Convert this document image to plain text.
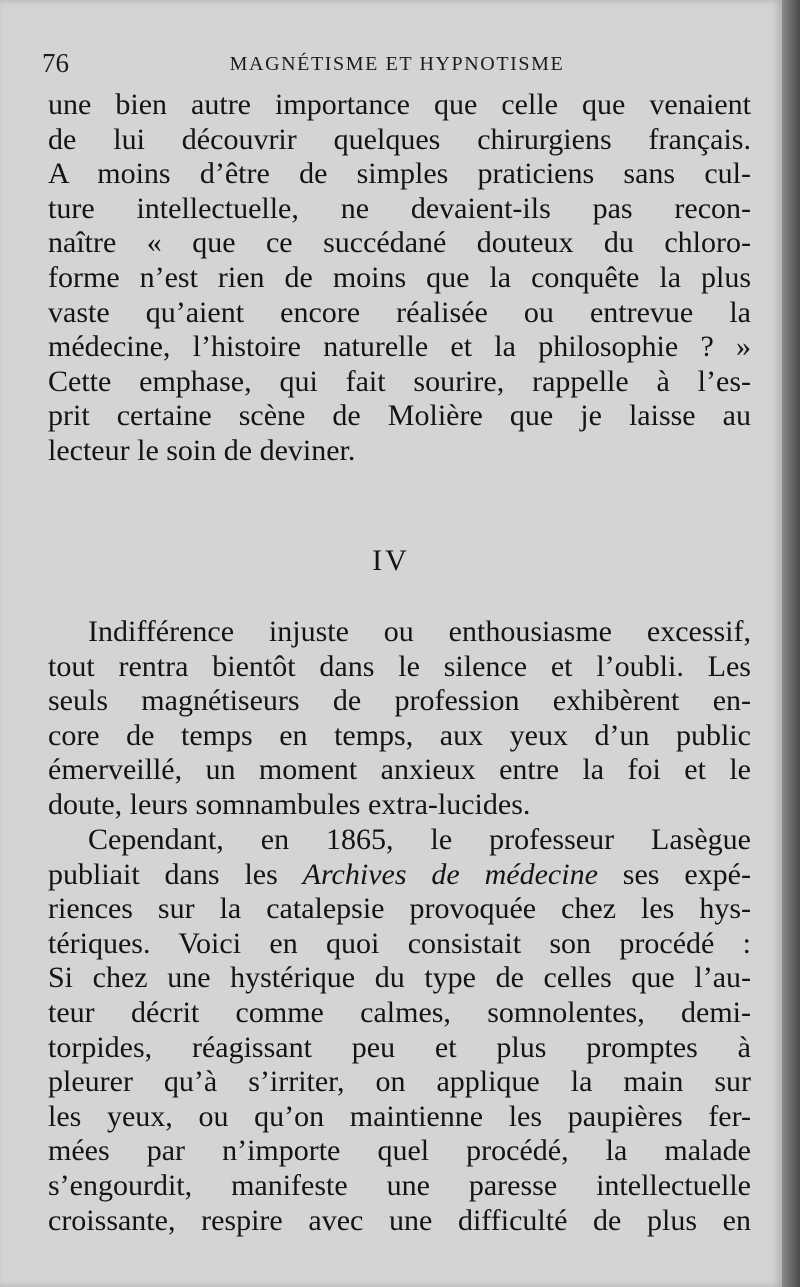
76	MAGNÉTISME ET HYPNOTISME
une bien autre importance que celle que venaient
de lui découvrir quelques chirurgiens français.
A moins d’être de simples praticiens sans cul-
ture intellectuelle, ne devaient-ils pas recon-
naître « que ce succédané douteux du chloro-
forme n’est rien de moins que la conquête la plus
vaste qu’aient encore réalisée ou entrevue la
médecine, l’histoire naturelle et la philosophie ? »
Cette emphase, qui fait sourire, rappelle à l’es-
prit certaine scène de Molière que je laisse au
lecteur le soin de deviner.
IV
Indifférence injuste ou enthousiasme excessif,
tout rentra bientôt dans le silence et l’oubli. Les
seuls magnétiseurs de profession exhibèrent en-
core de temps en temps, aux yeux d’un public
émerveillé, un moment anxieux entre la foi et le
doute, leurs somnambules extra-lucides.
Cependant, en 1865, le professeur Lasègue
publiait dans les Archives de médecine ses expé-
riences sur la catalepsie provoquée chez les hys-
tériques. Voici en quoi consistait son procédé :
Si chez une hystérique du type de celles que l’au-
teur décrit comme calmes, somnolentes, demi-
torpides, réagissant peu et plus promptes à
pleurer qu’à s’irriter, on applique la main sur
les yeux, ou qu’on maintienne les paupières fer-
mées par n’importe quel procédé, la malade
s’engourdit, manifeste une paresse intellectuelle
croissante, respire avec une difficulté de plus en
